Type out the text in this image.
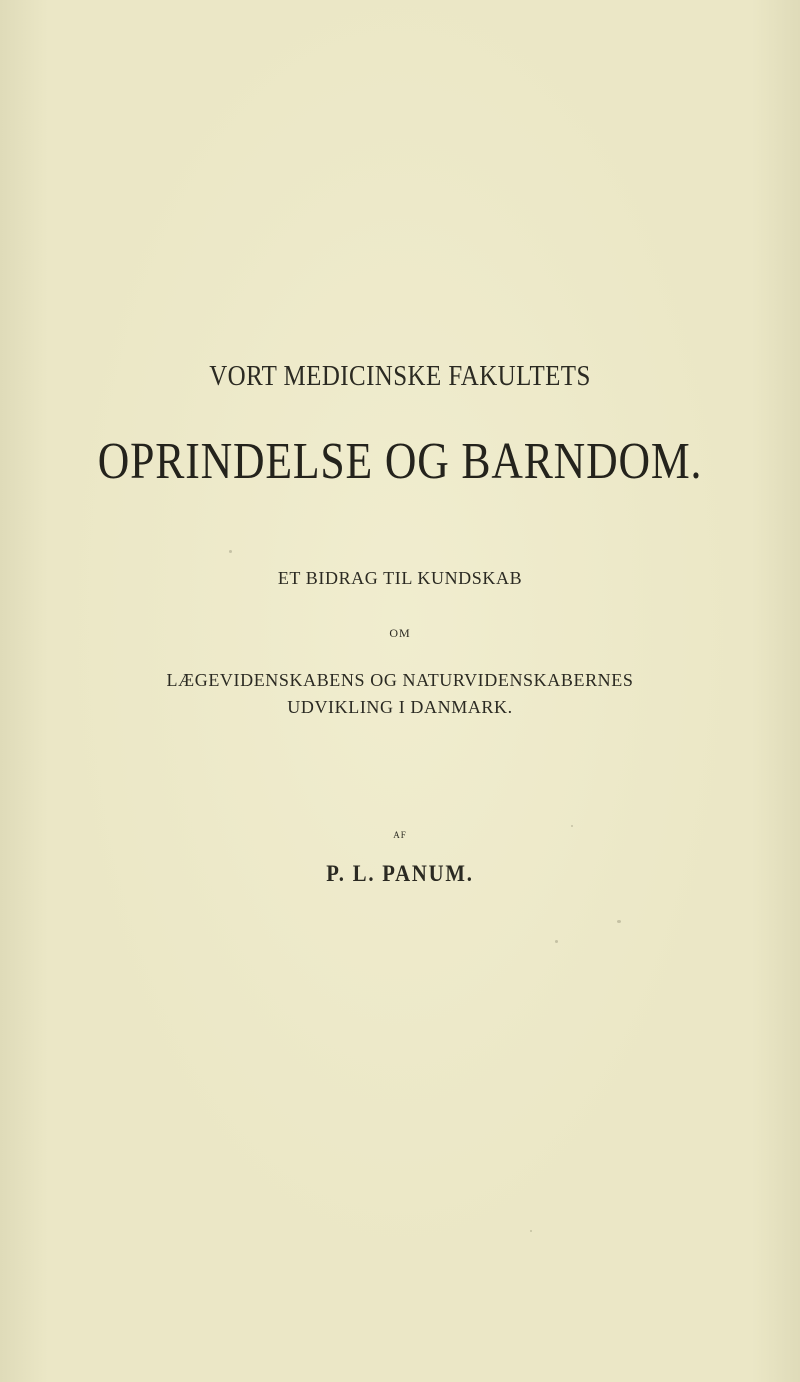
VORT MEDICINSKE FAKULTETS
OPRINDELSE OG BARNDOM.
ET BIDRAG TIL KUNDSKAB
OM
LÆGEVIDENSKABENS OG NATURVIDENSKABERNES
UDVIKLING I DANMARK.
AF
P. L. PANUM.
